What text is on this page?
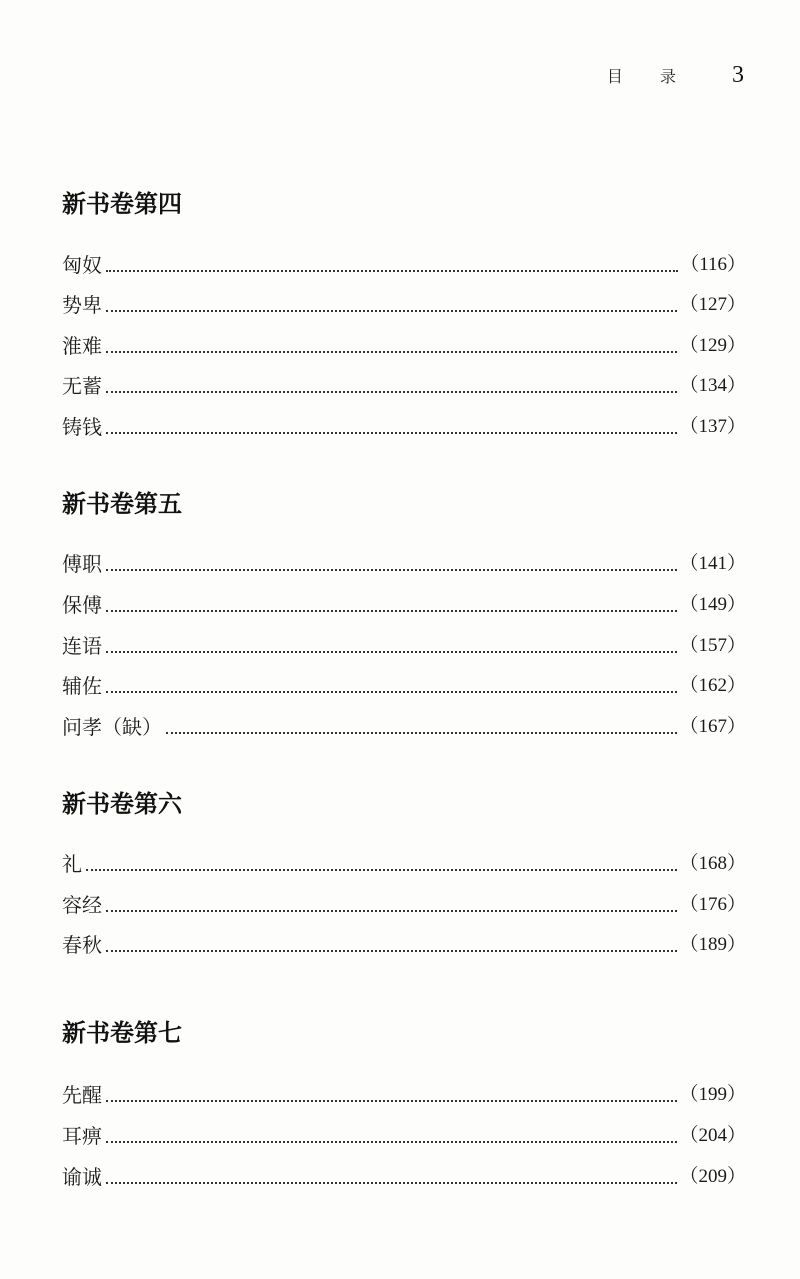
目 录 3
新书卷第四
匈奴	（116）
势卑	（127）
淮难	（129）
无蓄	（134）
铸钱	（137）
新书卷第五
傅职	（141）
保傅	（149）
连语	（157）
辅佐	（162）
问孝（缺）	（167）
新书卷第六
礼	（168）
容经	（176）
春秋	（189）
新书卷第七
先醒	（199）
耳痹	（204）
谕诚	（209）
